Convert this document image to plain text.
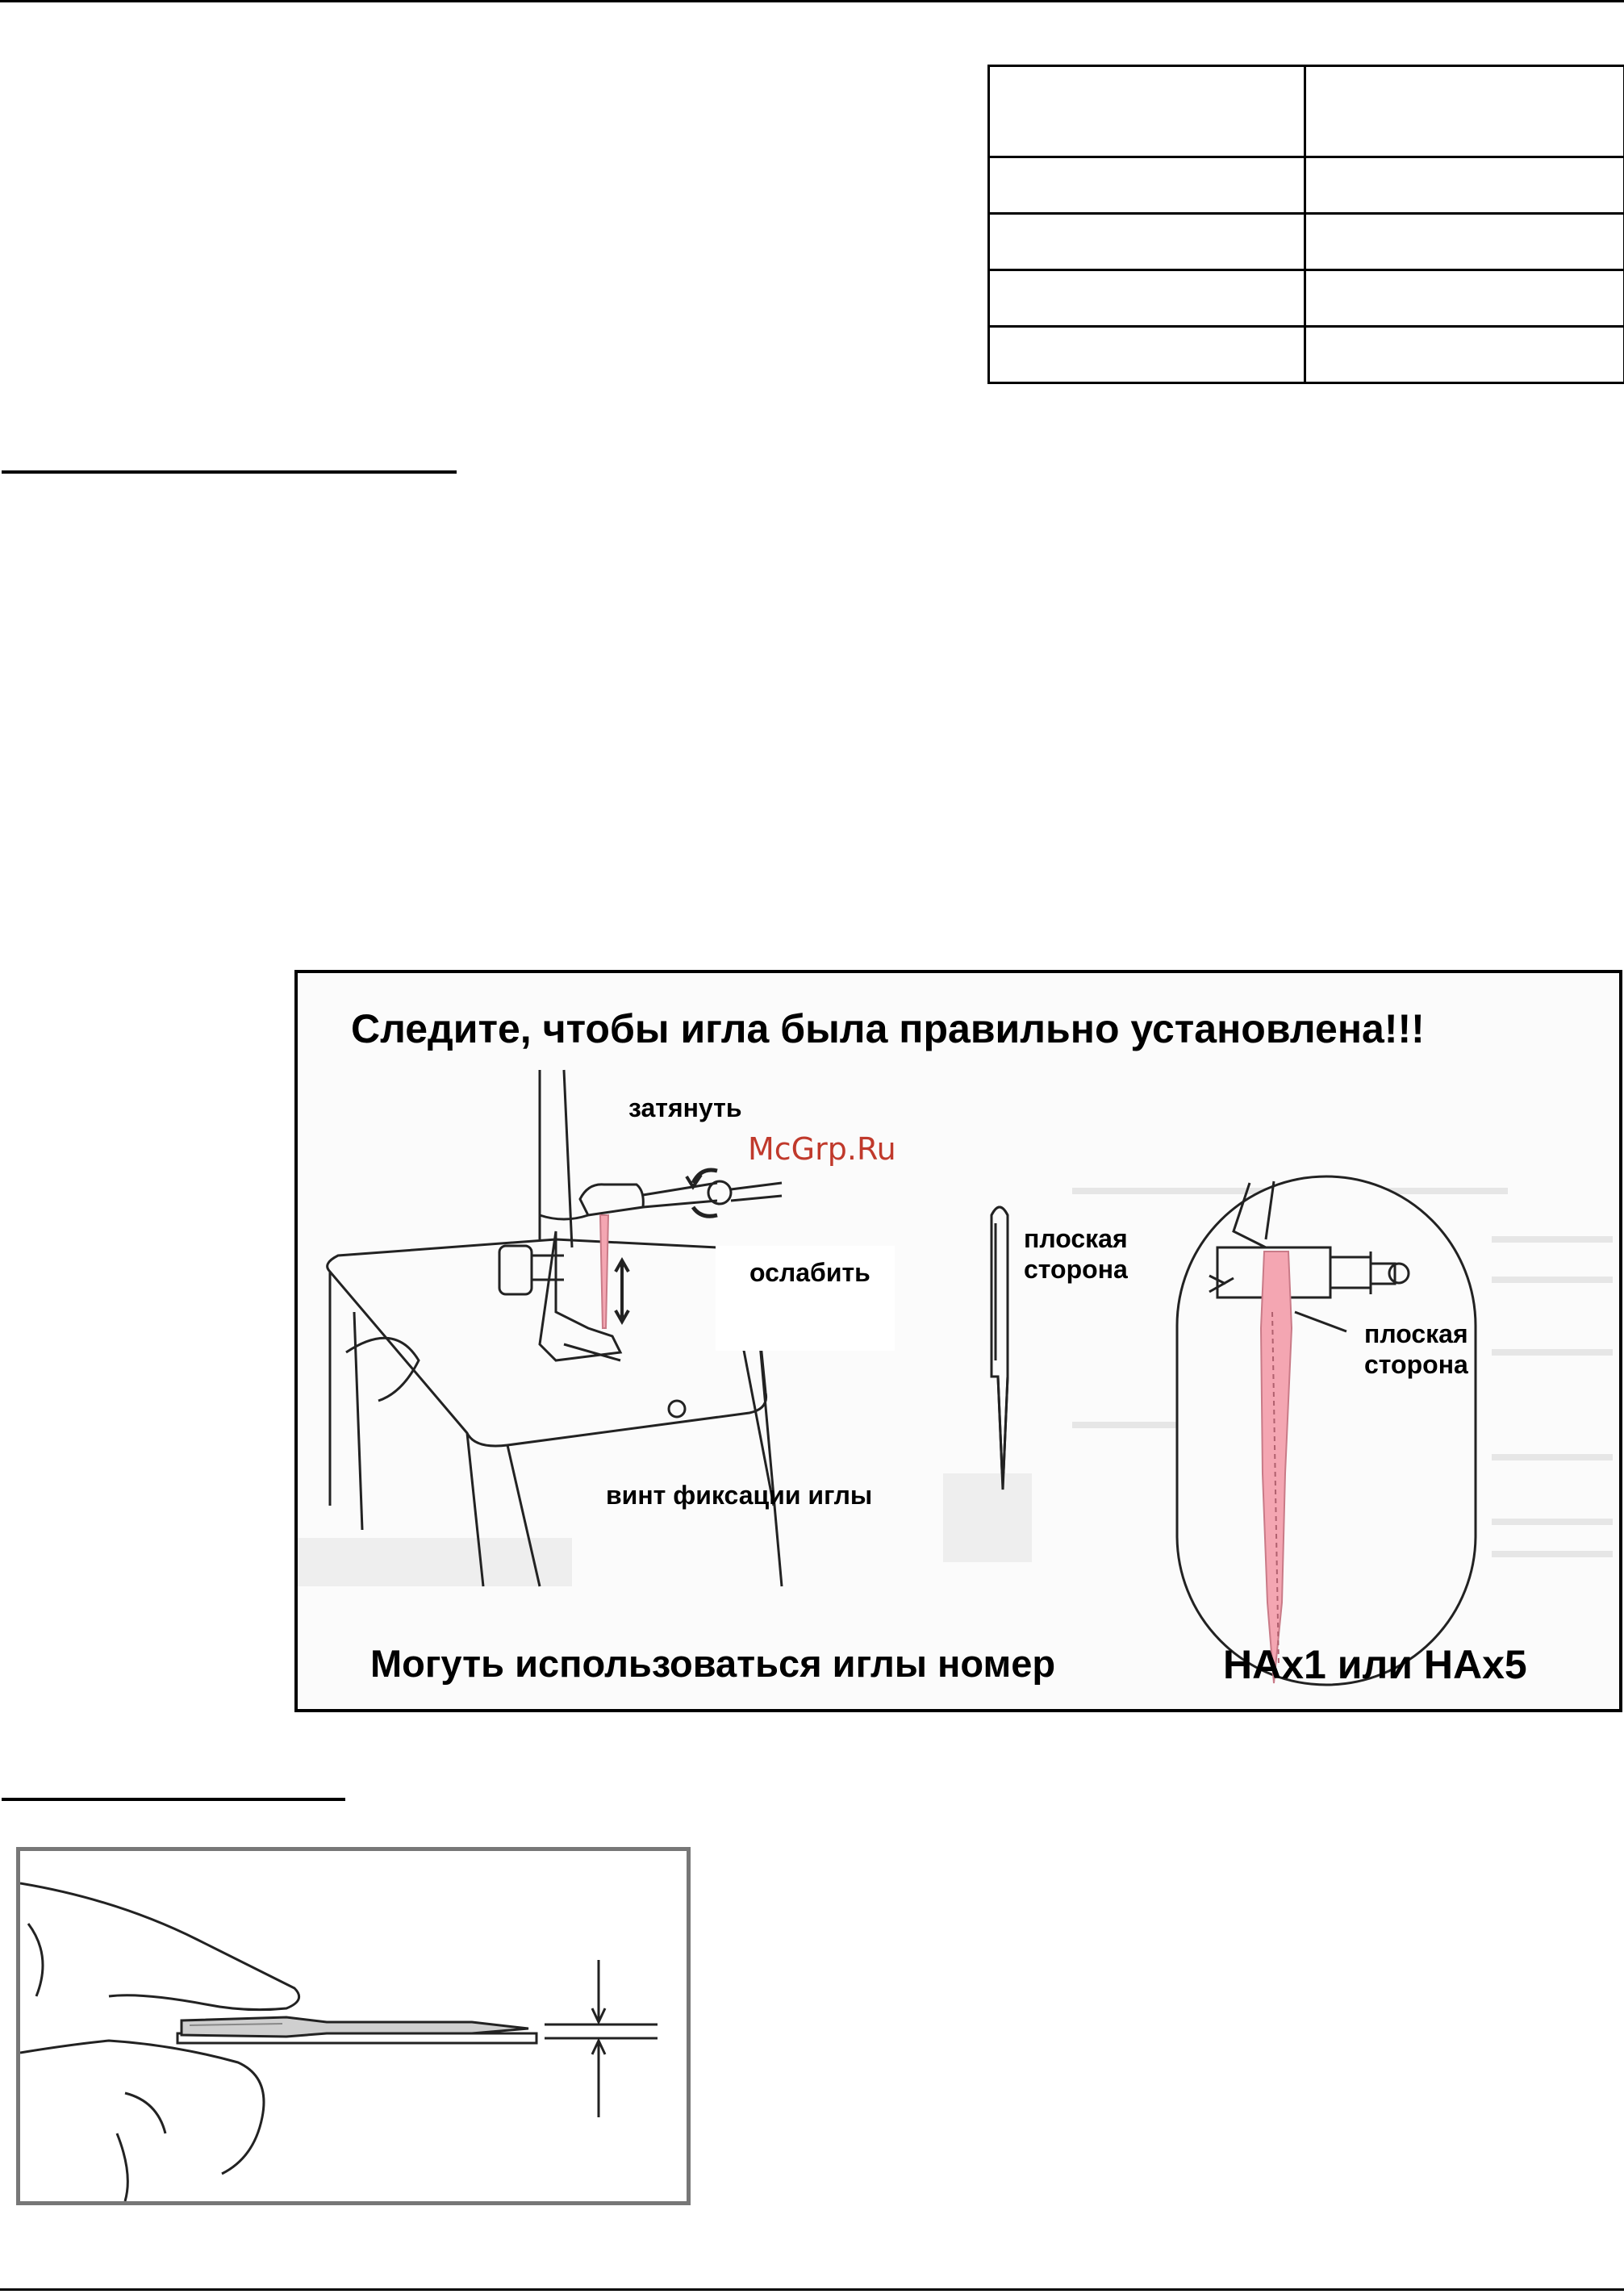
Следите, чтобы игла была правильно установлена!!!
затянуть
McGrp.Ru
ослабить
плоская
сторона
плоская
сторона
винт фиксации иглы
Могуть использоваться иглы номер	HAx1 или HAx5
